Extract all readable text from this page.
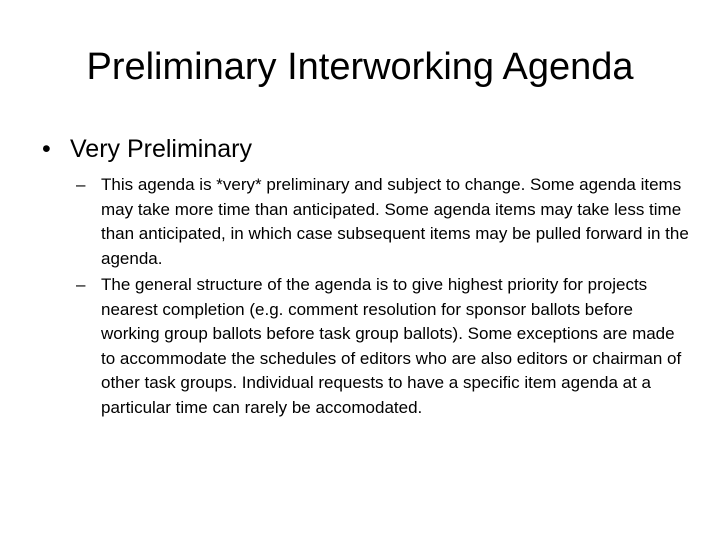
Preliminary Interworking Agenda
• Very Preliminary
– This agenda is *very* preliminary and subject to change. Some agenda items may take more time than anticipated. Some agenda items may take less time than anticipated, in which case subsequent items may be pulled forward in the agenda.
– The general structure of the agenda is to give highest priority for projects nearest completion (e.g. comment resolution for sponsor ballots before working group ballots before task group ballots). Some exceptions are made to accommodate the schedules of editors who are also editors or chairman of other task groups. Individual requests to have a specific item agenda at a particular time can rarely be accomodated.
